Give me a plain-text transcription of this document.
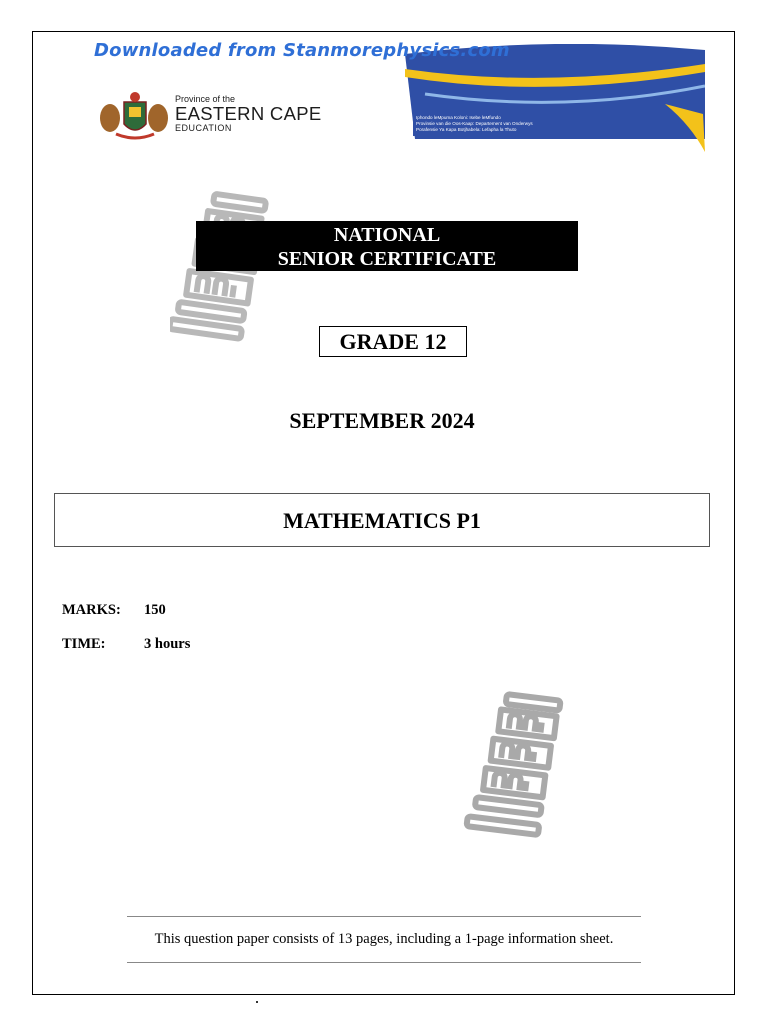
Iphondo leMpuma Koloni: Isebe leMfundo
Provinsie van die Oos-Kaap: Departement van Onderwys
Porafensie Ya Kapa Botjhabela: Lefapha la Thuto
Downloaded from Stanmorephysics.com
Province of the
EASTERN CAPE
EDUCATION
NATIONAL
SENIOR CERTIFICATE
GRADE 12
SEPTEMBER 2024
MATHEMATICS P1
MARKS: 150
TIME:	3 hours
This question paper consists of 13 pages, including a 1-page information sheet.
